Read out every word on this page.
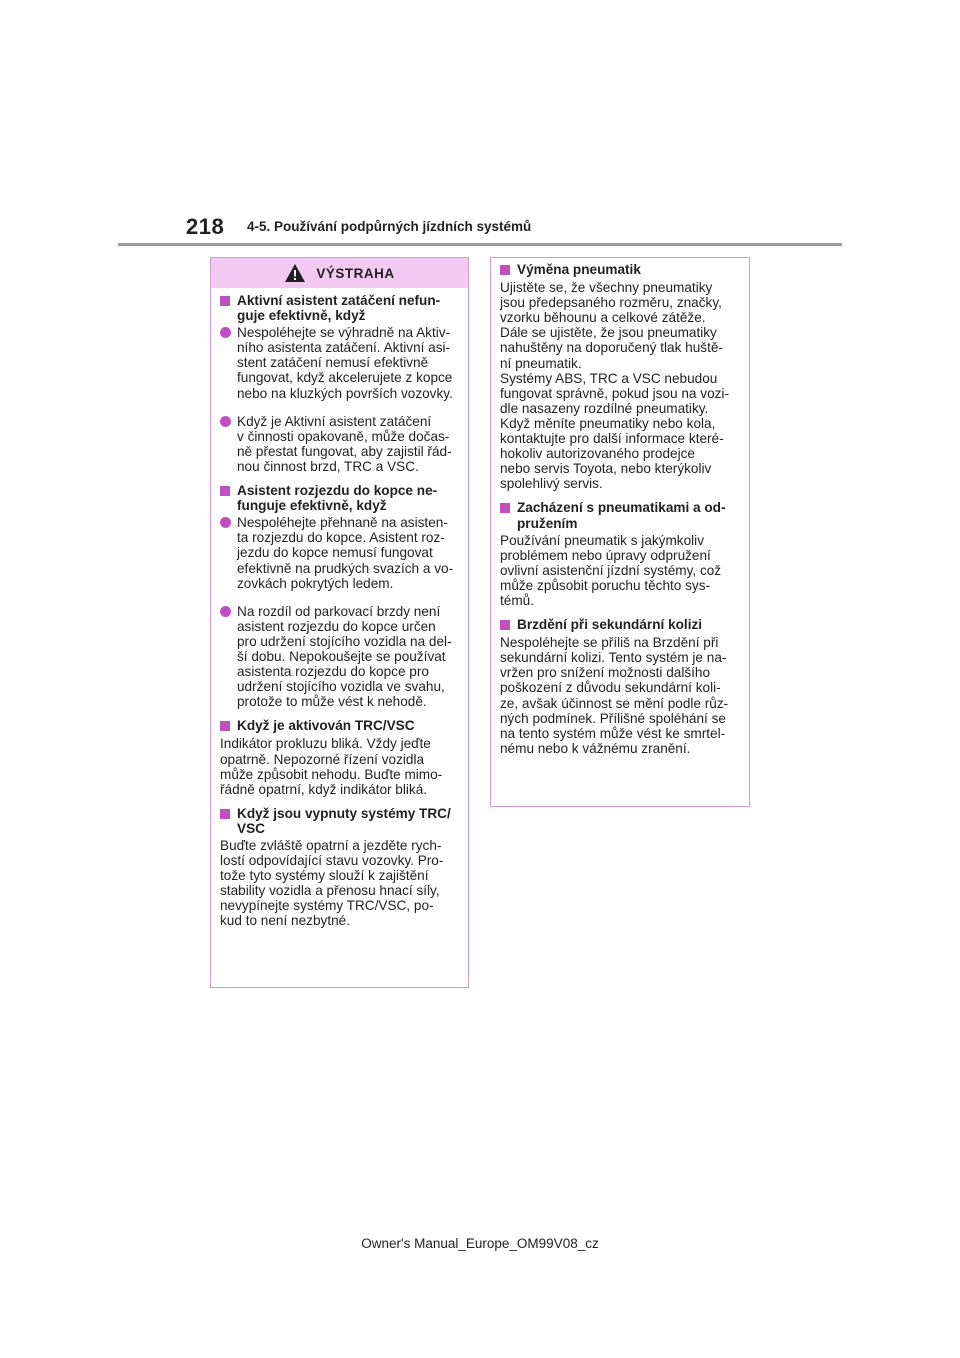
218 4-5. Používání podpůrných jízdních systémů
VÝSTRAHA
Aktivní asistent zatáčení nefun-
guje efektivně, když
Nespoléhejte se výhradně na Aktiv-
ního asistenta zatáčení. Aktivní asi-
stent zatáčení nemusí efektivně
fungovat, když akcelerujete z kopce
nebo na kluzkých površích vozovky.
Když je Aktivní asistent zatáčení
v činnosti opakovaně, může dočas-
ně přestat fungovat, aby zajistil řád-
nou činnost brzd, TRC a VSC.
Asistent rozjezdu do kopce ne-
funguje efektivně, když
Nespoléhejte přehnaně na asisten-
ta rozjezdu do kopce. Asistent roz-
jezdu do kopce nemusí fungovat
efektivně na prudkých svazích a vo-
zovkách pokrytých ledem.
Na rozdíl od parkovací brzdy není
asistent rozjezdu do kopce určen
pro udržení stojícího vozidla na del-
ší dobu. Nepokoušejte se používat
asistenta rozjezdu do kopce pro
udržení stojícího vozidla ve svahu,
protože to může vést k nehodě.
Když je aktivován TRC/VSC
Indikátor prokluzu bliká. Vždy jeďte
opatrně. Nepozorné řízení vozidla
může způsobit nehodu. Buďte mimo-
řádně opatrní, když indikátor bliká.
Když jsou vypnuty systémy TRC/
VSC
Buďte zvláště opatrní a jezděte rych-
lostí odpovídající stavu vozovky. Pro-
tože tyto systémy slouží k zajištění
stability vozidla a přenosu hnací síly,
nevypínejte systémy TRC/VSC, po-
kud to není nezbytné.
Výměna pneumatik
Ujistěte se, že všechny pneumatiky
jsou předepsaného rozměru, značky,
vzorku běhounu a celkové zátěže.
Dále se ujistěte, že jsou pneumatiky
nahuštěny na doporučený tlak huště-
ní pneumatik.
Systémy ABS, TRC a VSC nebudou
fungovat správně, pokud jsou na vozi-
dle nasazeny rozdílné pneumatiky.
Když měníte pneumatiky nebo kola,
kontaktujte pro další informace které-
hokoliv autorizovaného prodejce
nebo servis Toyota, nebo kterýkoliv
spolehlivý servis.
Zacházení s pneumatikami a od-
pružením
Používání pneumatik s jakýmkoliv
problémem nebo úpravy odpružení
ovlivní asistenční jízdní systémy, což
může způsobit poruchu těchto sys-
témů.
Brzdění při sekundární kolizi
Nespoléhejte se příliš na Brzdění při
sekundární kolizi. Tento systém je na-
vržen pro snížení možnosti dalšího
poškození z důvodu sekundární koli-
ze, avšak účinnost se mění podle růz-
ných podmínek. Přílišné spoléhání se
na tento systém může vést ke smrtel-
nému nebo k vážnému zranění.
Owner's Manual_Europe_OM99V08_cz
